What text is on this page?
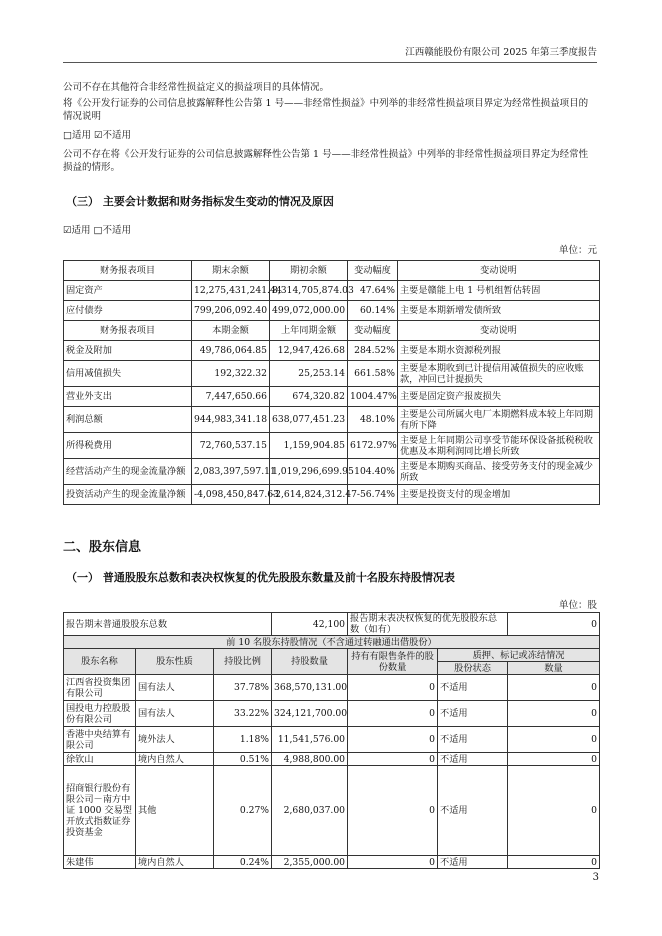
江西赣能股份有限公司 2025 年第三季度报告
公司不存在其他符合非经常性损益定义的损益项目的具体情况。
将《公开发行证券的公司信息披露解释性公告第 1 号——非经常性损益》中列举的非经常性损益项目界定为经常性损益项目的情况说明
□适用 ☑不适用
公司不存在将《公开发行证券的公司信息披露解释性公告第 1 号——非经常性损益》中列举的非经常性损益项目界定为经常性损益的情形。
（三） 主要会计数据和财务指标发生变动的情况及原因
☑适用 □不适用
单位：元
财务报表项目	期末余额	期初余额	变动幅度	变动说明
固定资产	12,275,431,241.44	8,314,705,874.03	47.64%	主要是赣能上电 1 号机组暂估转固
应付债券	799,206,092.40	499,072,000.00	60.14%	主要是本期新增发债所致
财务报表项目	本期金额	上年同期金额	变动幅度	变动说明
税金及附加	49,786,064.85	12,947,426.68	284.52%	主要是本期水资源税列报
信用减值损失	192,322.32	25,253.14	661.58%	主要是本期收到已计提信用减值损失的应收账款，冲回已计提损失
营业外支出	7,447,650.66	674,320.82	1004.47%	主要是固定资产报废损失
利润总额	944,983,341.18	638,077,451.23	48.10%	主要是公司所属火电厂本期燃料成本较上年同期有所下降
所得税费用	72,760,537.15	1,159,904.85	6172.97%	主要是上年同期公司享受节能环保设备抵税税收优惠及本期利润同比增长所致
经营活动产生的现金流量净额	2,083,397,597.11	1,019,296,699.95	104.40%	主要是本期购买商品、接受劳务支付的现金减少所致
投资活动产生的现金流量净额	-4,098,450,847.63	-2,614,824,312.47	-56.74%	主要是投资支付的现金增加
二、股东信息
（一） 普通股股东总数和表决权恢复的优先股股东数量及前十名股东持股情况表
单位：股
报告期末普通股股东总数			42,100	报告期末表决权恢复的优先股股东总数（如有）		0
前 10 名股东持股情况（不含通过转融通出借股份）						
股东名称	股东性质	持股比例	持股数量	持有有限售条件的股份数量	质押、标记或冻结情况	
					股份状态	数量
江西省投资集团有限公司	国有法人	37.78%	368,570,131.00	0	不适用	0
国投电力控股股份有限公司	国有法人	33.22%	324,121,700.00	0	不适用	0
香港中央结算有限公司	境外法人	1.18%	11,541,576.00	0	不适用	0
徐钦山	境内自然人	0.51%	4,988,800.00	0	不适用	0
招商银行股份有限公司－南方中证 1000 交易型开放式指数证券投资基金	其他	0.27%	2,680,037.00	0	不适用	0
朱建伟	境内自然人	0.24%	2,355,000.00	0	不适用	0
3
